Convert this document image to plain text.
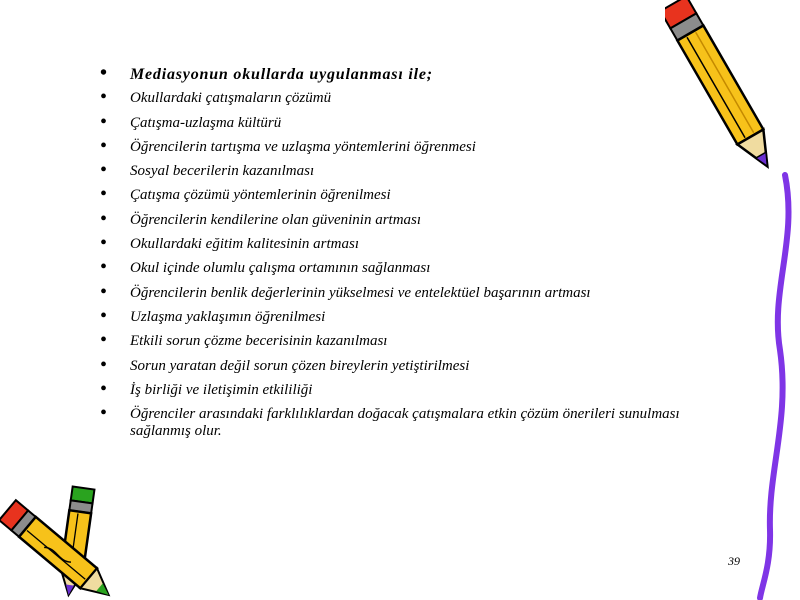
• Mediasyonun okullarda uygulanması ile;
• Okullardaki çatışmaların çözümü
• Çatışma-uzlaşma kültürü
• Öğrencilerin tartışma ve uzlaşma yöntemlerini öğrenmesi
• Sosyal becerilerin kazanılması
• Çatışma çözümü yöntemlerinin öğrenilmesi
• Öğrencilerin kendilerine olan güveninin artması
• Okullardaki eğitim kalitesinin artması
• Okul içinde olumlu çalışma ortamının sağlanması
• Öğrencilerin benlik değerlerinin yükselmesi ve entelektüel başarının artması
• Uzlaşma yaklaşımın öğrenilmesi
• Etkili sorun çözme becerisinin kazanılması
• Sorun yaratan değil sorun çözen bireylerin yetiştirilmesi
• İş birliği ve iletişimin etkililiği
• Öğrenciler arasındaki farklılıklardan doğacak çatışmalara etkin çözüm önerileri sunulması sağlanmış olur.
39
